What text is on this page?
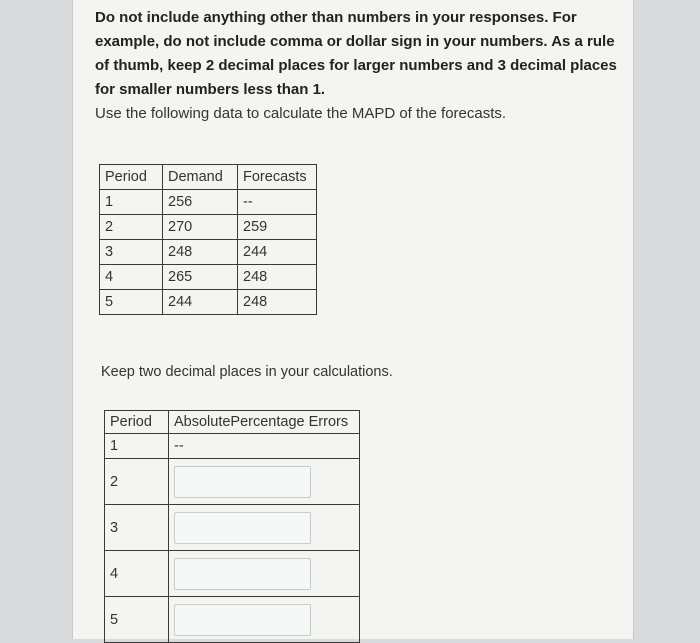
Do not include anything other than numbers in your responses. For example, do not include comma or dollar sign in your numbers. As a rule of thumb, keep 2 decimal places for larger numbers and 3 decimal places for smaller numbers less than 1.

Use the following data to calculate the MAPD of the forecasts.
Period	Demand	Forecasts
1	256	--
2	270	259
3	248	244
4	265	248
5	244	248
Keep two decimal places in your calculations.
Period	AbsolutePercentage Errors
1	--
2	

3	

4	

5	
